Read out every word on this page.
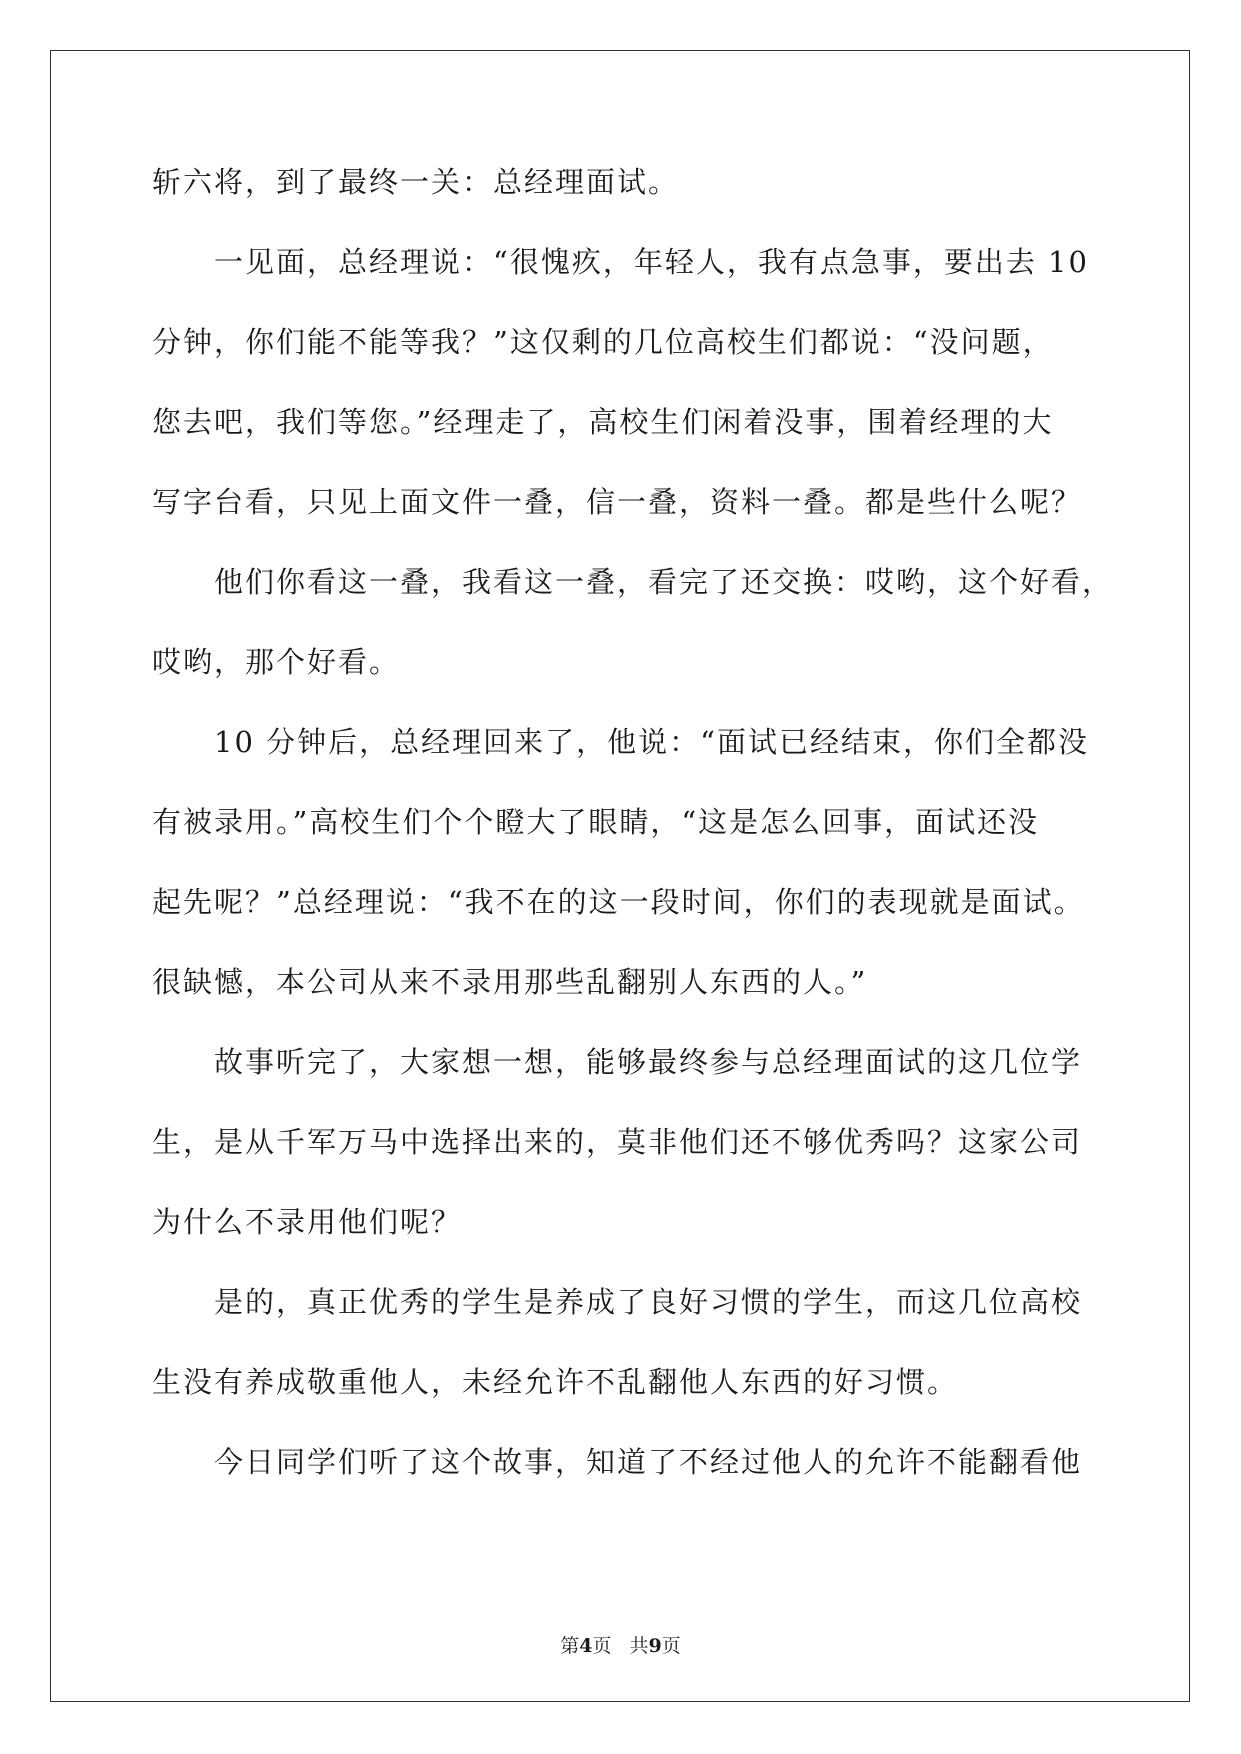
斩六将，到了最终一关：总经理面试。
一见面，总经理说：“很愧疚，年轻人，我有点急事，要出去 10
分钟，你们能不能等我？”这仅剩的几位高校生们都说：“没问题，
您去吧，我们等您。”经理走了，高校生们闲着没事，围着经理的大
写字台看，只见上面文件一叠，信一叠，资料一叠。都是些什么呢？
他们你看这一叠，我看这一叠，看完了还交换：哎哟，这个好看，
哎哟，那个好看。
10 分钟后，总经理回来了，他说：“面试已经结束，你们全都没
有被录用。”高校生们个个瞪大了眼睛，“这是怎么回事，面试还没
起先呢？”总经理说：“我不在的这一段时间，你们的表现就是面试。
很缺憾，本公司从来不录用那些乱翻别人东西的人。”
故事听完了，大家想一想，能够最终参与总经理面试的这几位学
生，是从千军万马中选择出来的，莫非他们还不够优秀吗？这家公司
为什么不录用他们呢？
是的，真正优秀的学生是养成了良好习惯的学生，而这几位高校
生没有养成敬重他人，未经允许不乱翻他人东西的好习惯。
今日同学们听了这个故事，知道了不经过他人的允许不能翻看他
第4页 共9页
